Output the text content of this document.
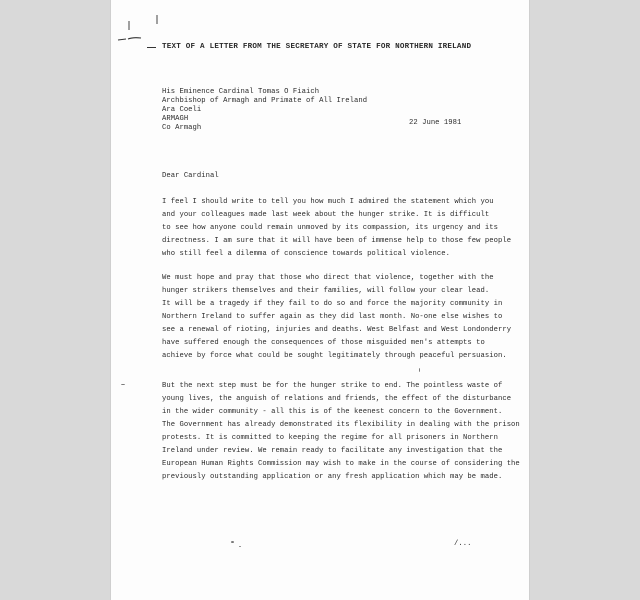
TEXT OF A LETTER FROM THE SECRETARY OF STATE FOR NORTHERN IRELAND
His Eminence Cardinal Tomas O Fiaich
Archbishop of Armagh and Primate of All Ireland
Ara Coeli
ARMAGH
Co Armagh
22 June 1981
Dear Cardinal
I feel I should write to tell you how much I admired the statement which you
and your colleagues made last week about the hunger strike. It is difficult
to see how anyone could remain unmoved by its compassion, its urgency and its
directness. I am sure that it will have been of immense help to those few people
who still feel a dilemma of conscience towards political violence.
We must hope and pray that those who direct that violence, together with the
hunger strikers themselves and their families, will follow your clear lead.
It will be a tragedy if they fail to do so and force the majority community in
Northern Ireland to suffer again as they did last month. No-one else wishes to
see a renewal of rioting, injuries and deaths. West Belfast and West Londonderry
have suffered enough the consequences of those misguided men's attempts to
achieve by force what could be sought legitimately through peaceful persuasion.
But the next step must be for the hunger strike to end. The pointless waste of
young lives, the anguish of relations and friends, the effect of the disturbance
in the wider community - all this is of the keenest concern to the Government.
The Government has already demonstrated its flexibility in dealing with the prison
protests. It is committed to keeping the regime for all prisoners in Northern
Ireland under review. We remain ready to facilitate any investigation that the
European Human Rights Commission may wish to make in the course of considering the
previously outstanding application or any fresh application which may be made.
/...
